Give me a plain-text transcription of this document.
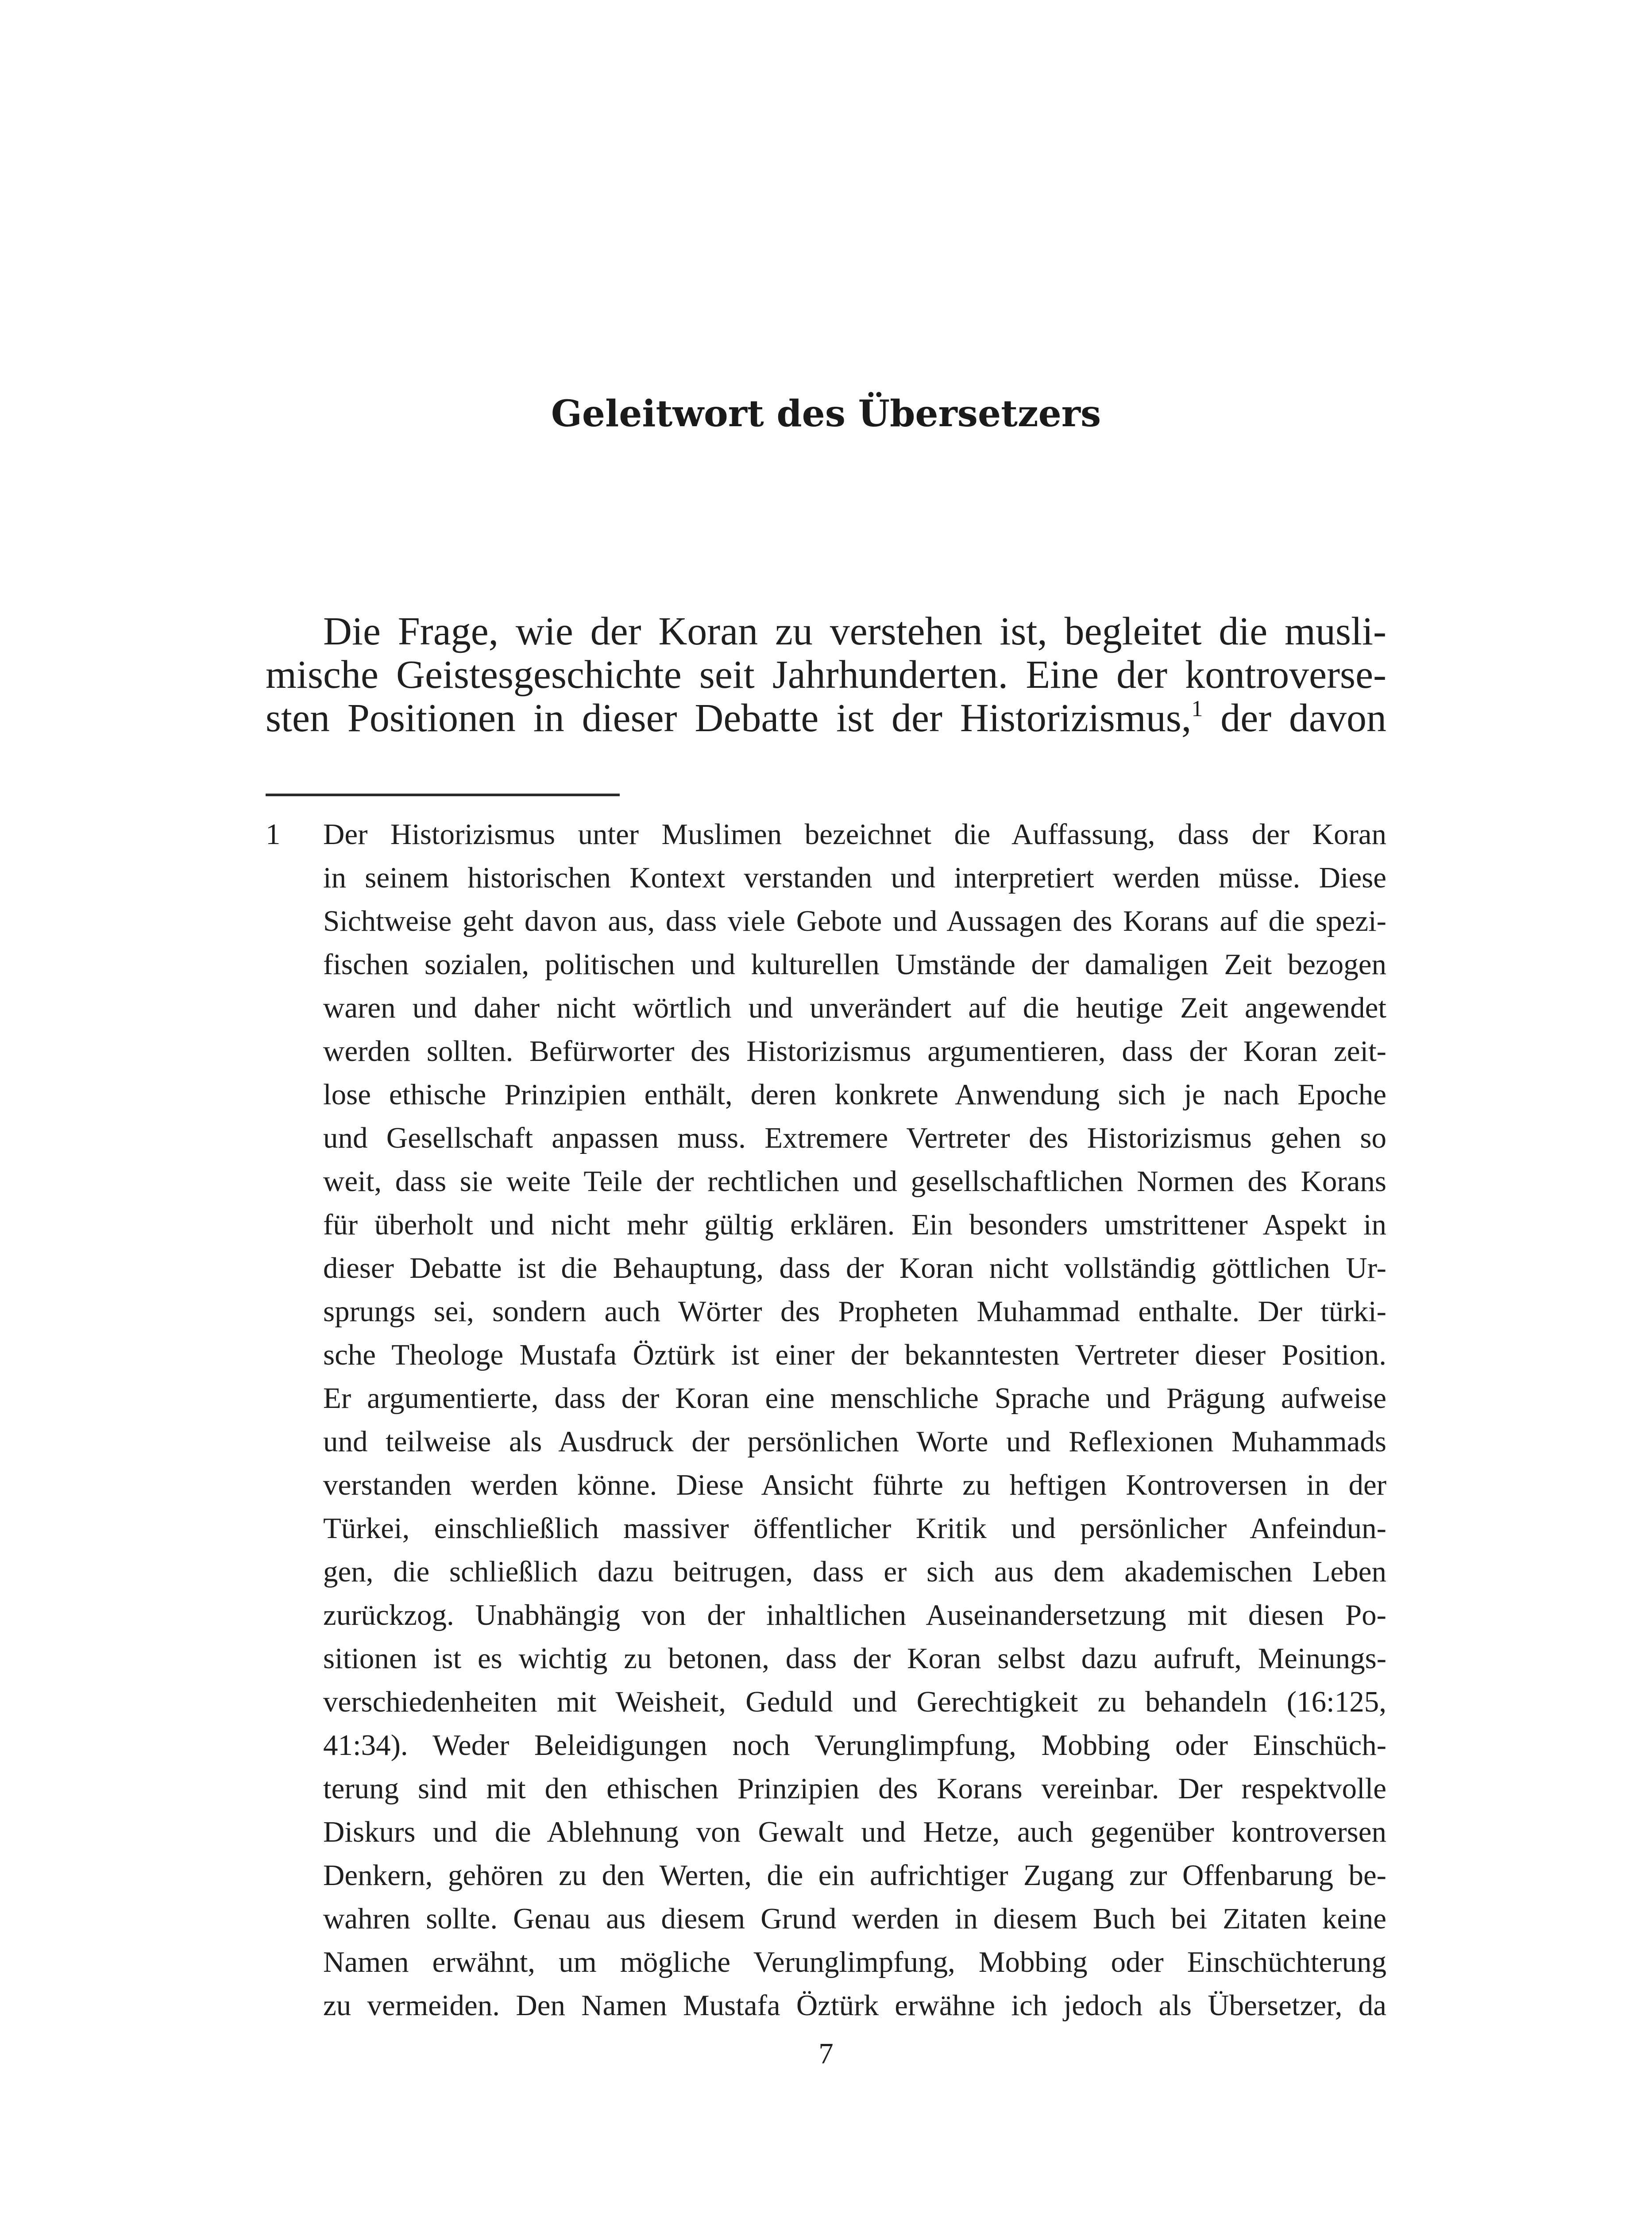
Geleitwort des Übersetzers
Die Frage, wie der Koran zu verstehen ist, begleitet die musli-
mische Geistesgeschichte seit Jahrhunderten. Eine der kontroverse-
sten Positionen in dieser Debatte ist der Historizismus,$^1$ der davon
1 Der Historizismus unter Muslimen bezeichnet die Auffassung, dass der Koran
in seinem historischen Kontext verstanden und interpretiert werden müsse. Diese
Sichtweise geht davon aus, dass viele Gebote und Aussagen des Korans auf die spezi-
fischen sozialen, politischen und kulturellen Umstände der damaligen Zeit bezogen
waren und daher nicht wörtlich und unverändert auf die heutige Zeit angewendet
werden sollten. Befürworter des Historizismus argumentieren, dass der Koran zeit-
lose ethische Prinzipien enthält, deren konkrete Anwendung sich je nach Epoche
und Gesellschaft anpassen muss. Extremere Vertreter des Historizismus gehen so
weit, dass sie weite Teile der rechtlichen und gesellschaftlichen Normen des Korans
für überholt und nicht mehr gültig erklären. Ein besonders umstrittener Aspekt in
dieser Debatte ist die Behauptung, dass der Koran nicht vollständig göttlichen Ur-
sprungs sei, sondern auch Wörter des Propheten Muhammad enthalte. Der türki-
sche Theologe Mustafa Öztürk ist einer der bekanntesten Vertreter dieser Position.
Er argumentierte, dass der Koran eine menschliche Sprache und Prägung aufweise
und teilweise als Ausdruck der persönlichen Worte und Reflexionen Muhammads
verstanden werden könne. Diese Ansicht führte zu heftigen Kontroversen in der
Türkei, einschließlich massiver öffentlicher Kritik und persönlicher Anfeindun-
gen, die schließlich dazu beitrugen, dass er sich aus dem akademischen Leben
zurückzog. Unabhängig von der inhaltlichen Auseinandersetzung mit diesen Po-
sitionen ist es wichtig zu betonen, dass der Koran selbst dazu aufruft, Meinungs-
verschiedenheiten mit Weisheit, Geduld und Gerechtigkeit zu behandeln (16:125,
41:34). Weder Beleidigungen noch Verunglimpfung, Mobbing oder Einschüch-
terung sind mit den ethischen Prinzipien des Korans vereinbar. Der respektvolle
Diskurs und die Ablehnung von Gewalt und Hetze, auch gegenüber kontroversen
Denkern, gehören zu den Werten, die ein aufrichtiger Zugang zur Offenbarung be-
wahren sollte. Genau aus diesem Grund werden in diesem Buch bei Zitaten keine
Namen erwähnt, um mögliche Verunglimpfung, Mobbing oder Einschüchterung
zu vermeiden. Den Namen Mustafa Öztürk erwähne ich jedoch als Übersetzer, da
7
